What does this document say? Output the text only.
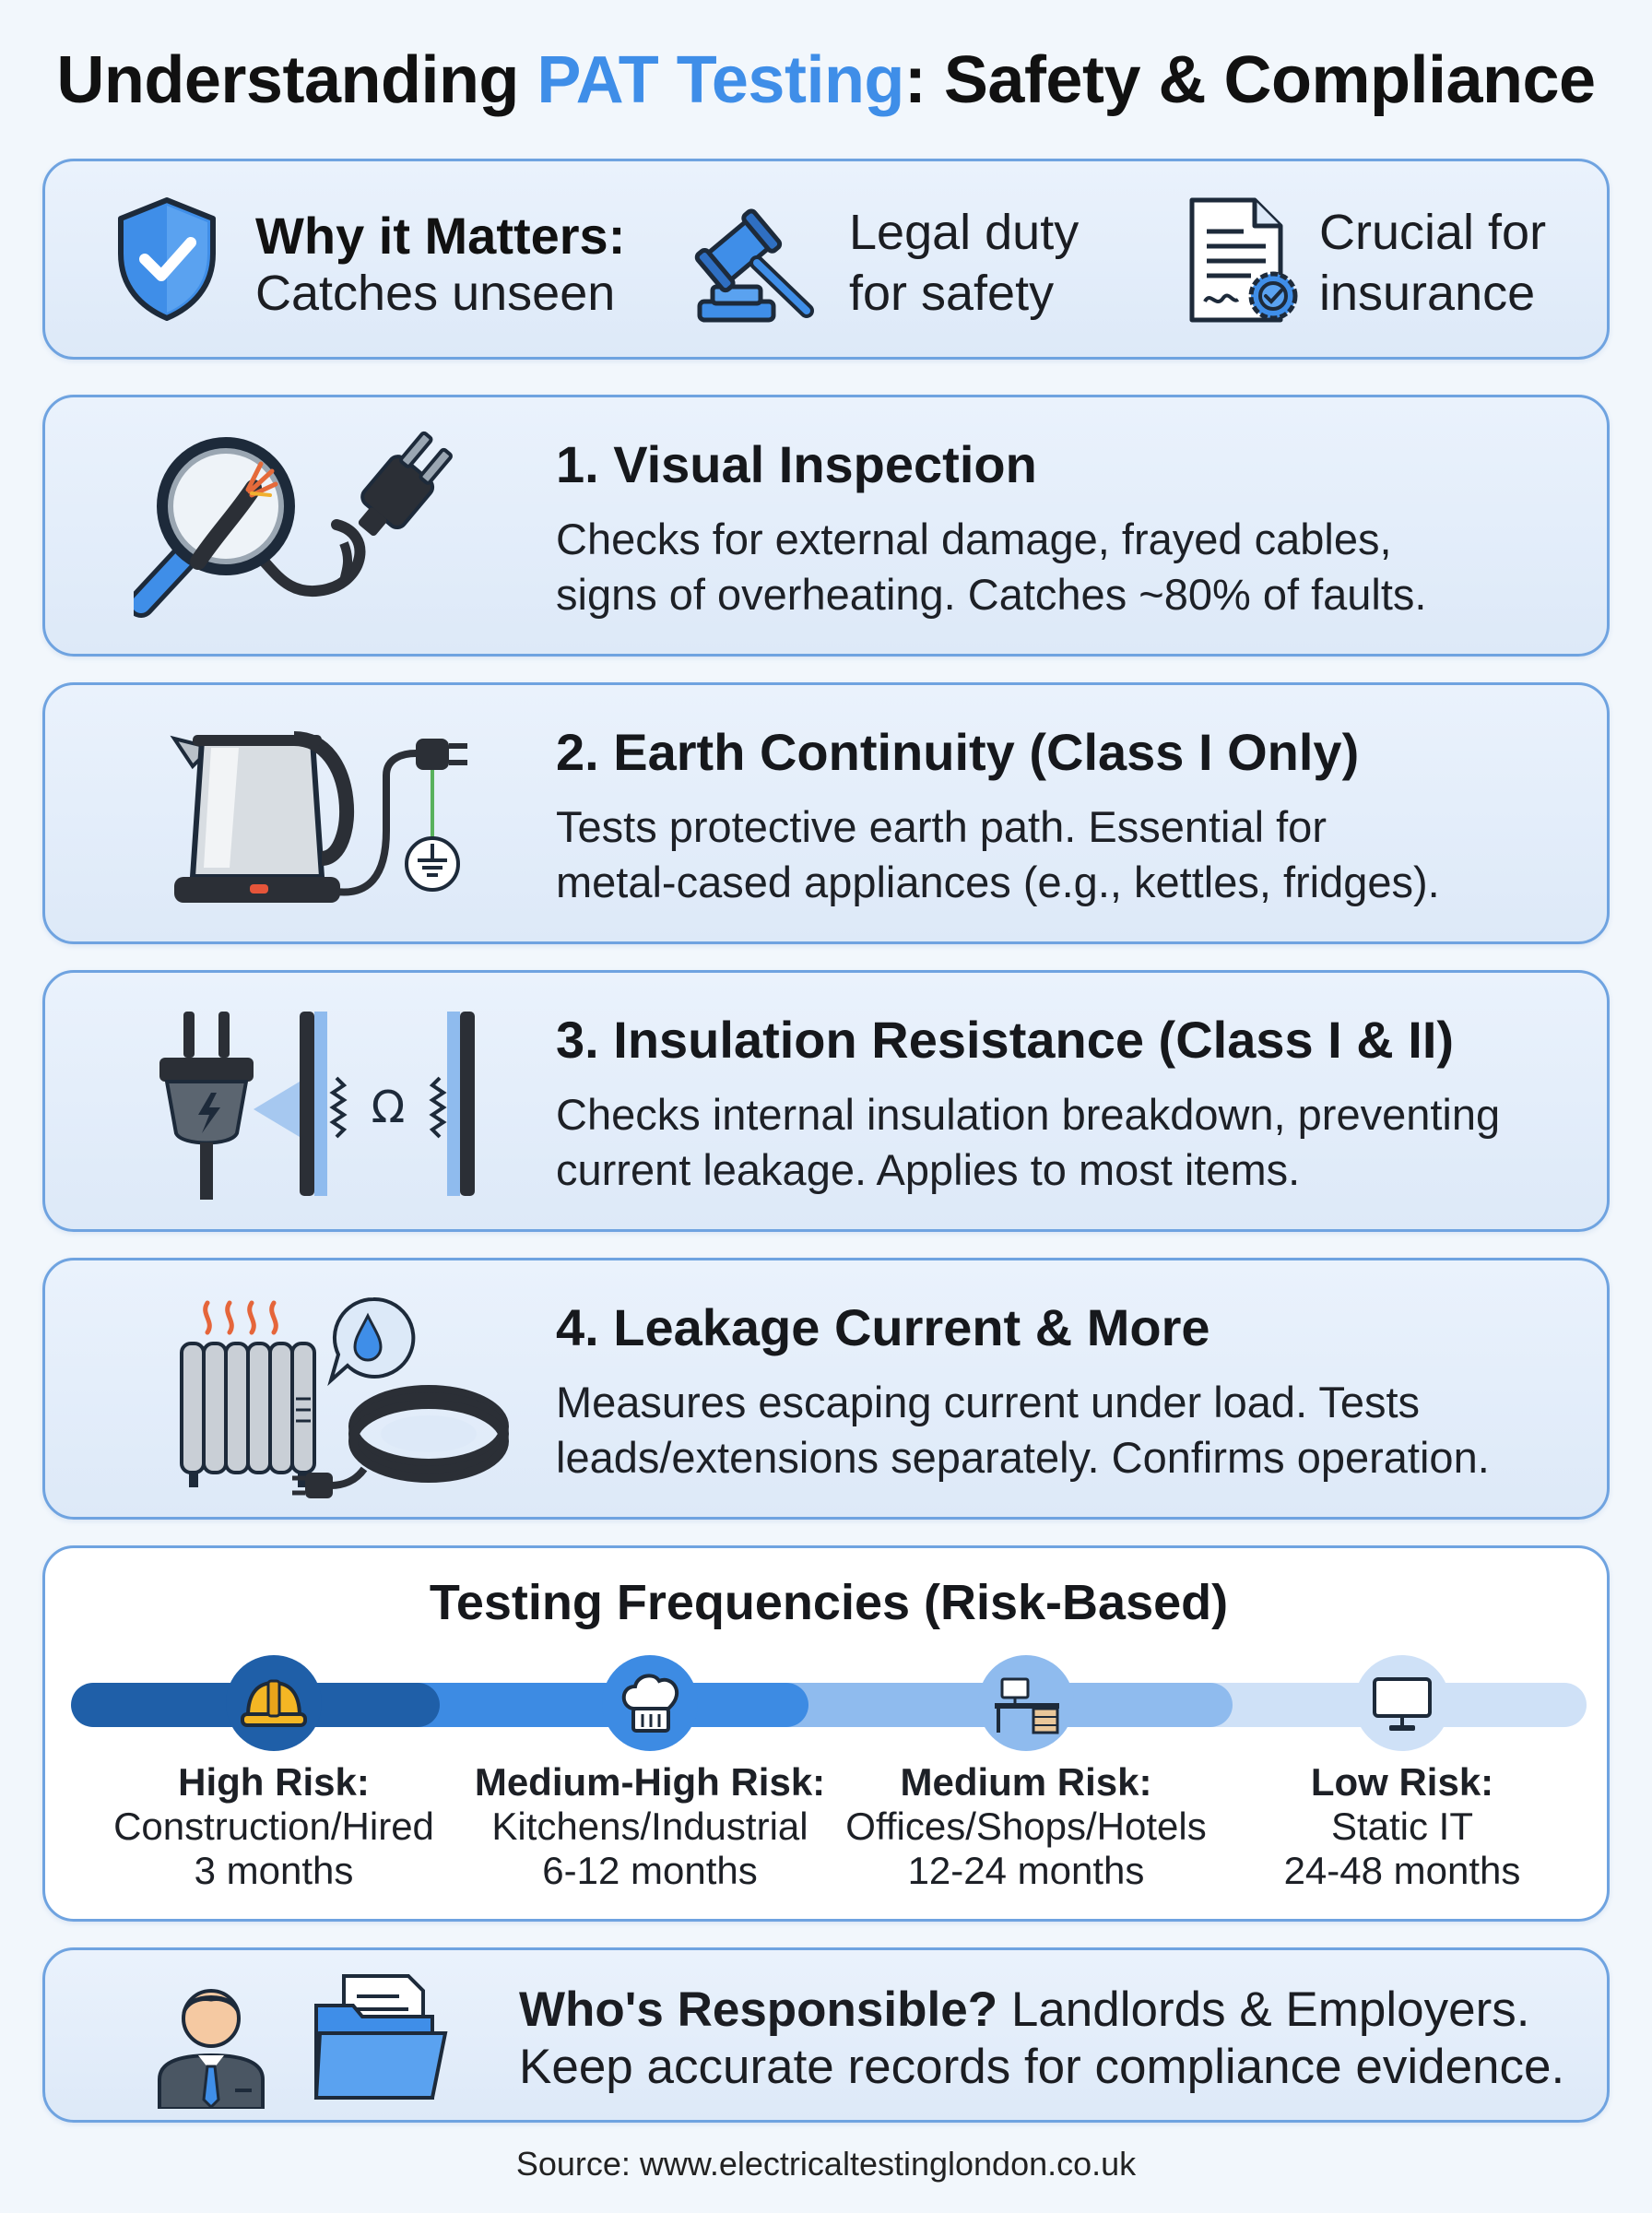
Understanding PAT Testing: Safety & Compliance
Why it Matters:
Catches unseen
Legal duty
for safety
Crucial for
insurance
1. Visual Inspection
Checks for external damage, frayed cables,
signs of overheating. Catches ~80% of faults.
2. Earth Continuity (Class I Only)
Tests protective earth path. Essential for
metal-cased appliances (e.g., kettles, fridges).
Ω
3. Insulation Resistance (Class I & II)
Checks internal insulation breakdown, preventing
current leakage. Applies to most items.
4. Leakage Current & More
Measures escaping current under load. Tests
leads/extensions separately. Confirms operation.
Testing Frequencies (Risk-Based)
High Risk:
Construction/Hired
3 months
Medium-High Risk:
Kitchens/Industrial
6-12 months
Medium Risk:
Offices/Shops/Hotels
12-24 months
Low Risk:
Static IT
24-48 months
Who's Responsible? Landlords & Employers.
Keep accurate records for compliance evidence.
Source: www.electricaltestinglondon.co.uk
